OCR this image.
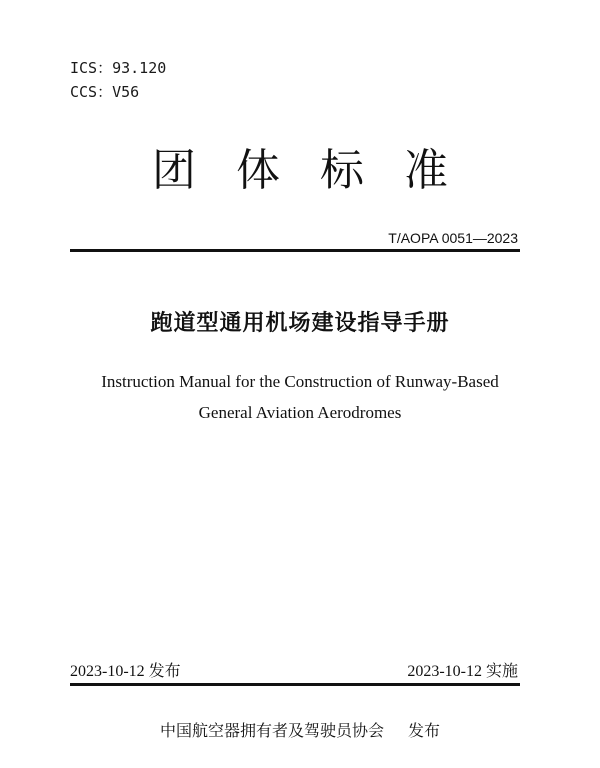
ICS：93.120
CCS：V56
团体标准
T/AOPA 0051—2023
跑道型通用机场建设指导手册
Instruction Manual for the Construction of Runway-Based
General Aviation Aerodromes
2023-10-12 发布	2023-10-12 实施
中国航空器拥有者及驾驶员协会 发布
